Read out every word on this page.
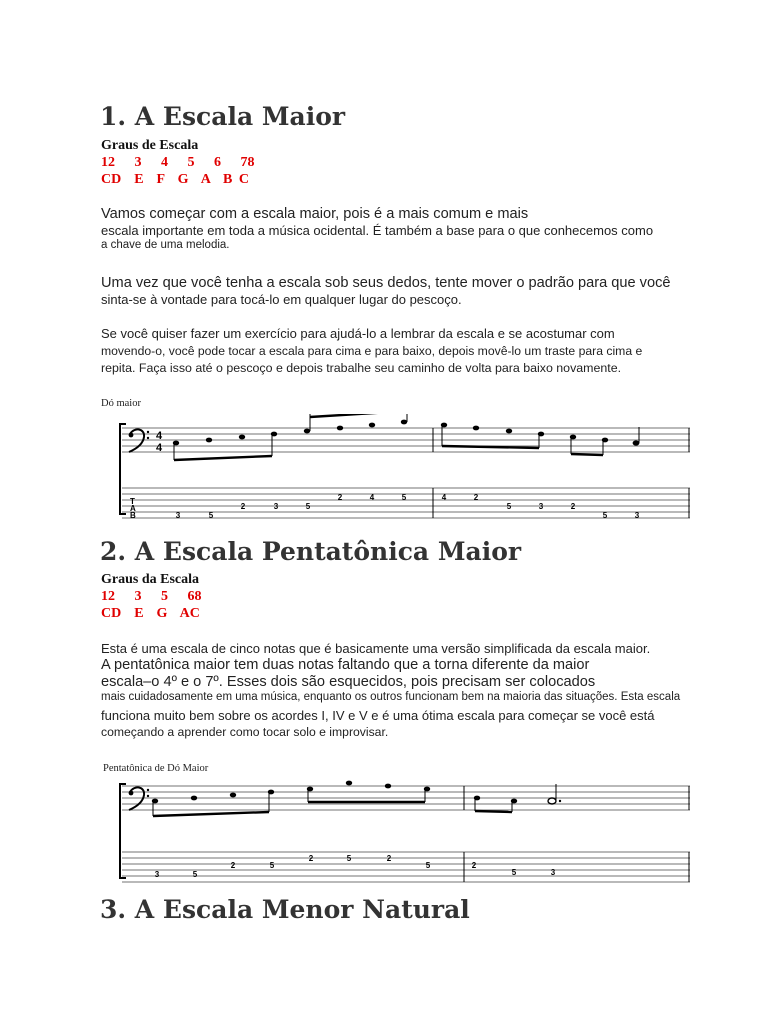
1. A Escala Maior
Graus de Escala
12   3   4   5   6   78
CD  E  F  G  A  B C
Vamos começar com a escala maior, pois é a mais comum e mais
escala importante em toda a música ocidental. É também a base para o que conhecemos como
a chave de uma melodia.
Uma vez que você tenha a escala sob seus dedos, tente mover o padrão para que você
sinta-se à vontade para tocá-lo em qualquer lugar do pescoço.
Se você quiser fazer um exercício para ajudá-lo a lembrar da escala e se acostumar com
movendo-o, você pode tocar a escala para cima e para baixo, depois movê-lo um traste para cima e
repita. Faça isso até o pescoço e depois trabalhe seu caminho de volta para baixo novamente.
Dó maior
4
4
T
A
B	3	5
2	3	5
2	4	5	4	2
5	3	2
5	3
2. A Escala Pentatônica Maior
Graus da Escala
12   3   5   68
CD  E  G  AC
Esta é uma escala de cinco notas que é basicamente uma versão simplificada da escala maior.
A pentatônica maior tem duas notas faltando que a torna diferente da maior
escala–o 4º e o 7º. Esses dois são esquecidos, pois precisam ser colocados
mais cuidadosamente em uma música, enquanto os outros funcionam bem na maioria das situações. Esta escala
funciona muito bem sobre os acordes I, IV e V e é uma ótima escala para começar se você está
começando a aprender como tocar solo e improvisar.
Pentatônica de Dó Maior
3	5
2	5
2	5	2
5	2
5	3
3. A Escala Menor Natural
